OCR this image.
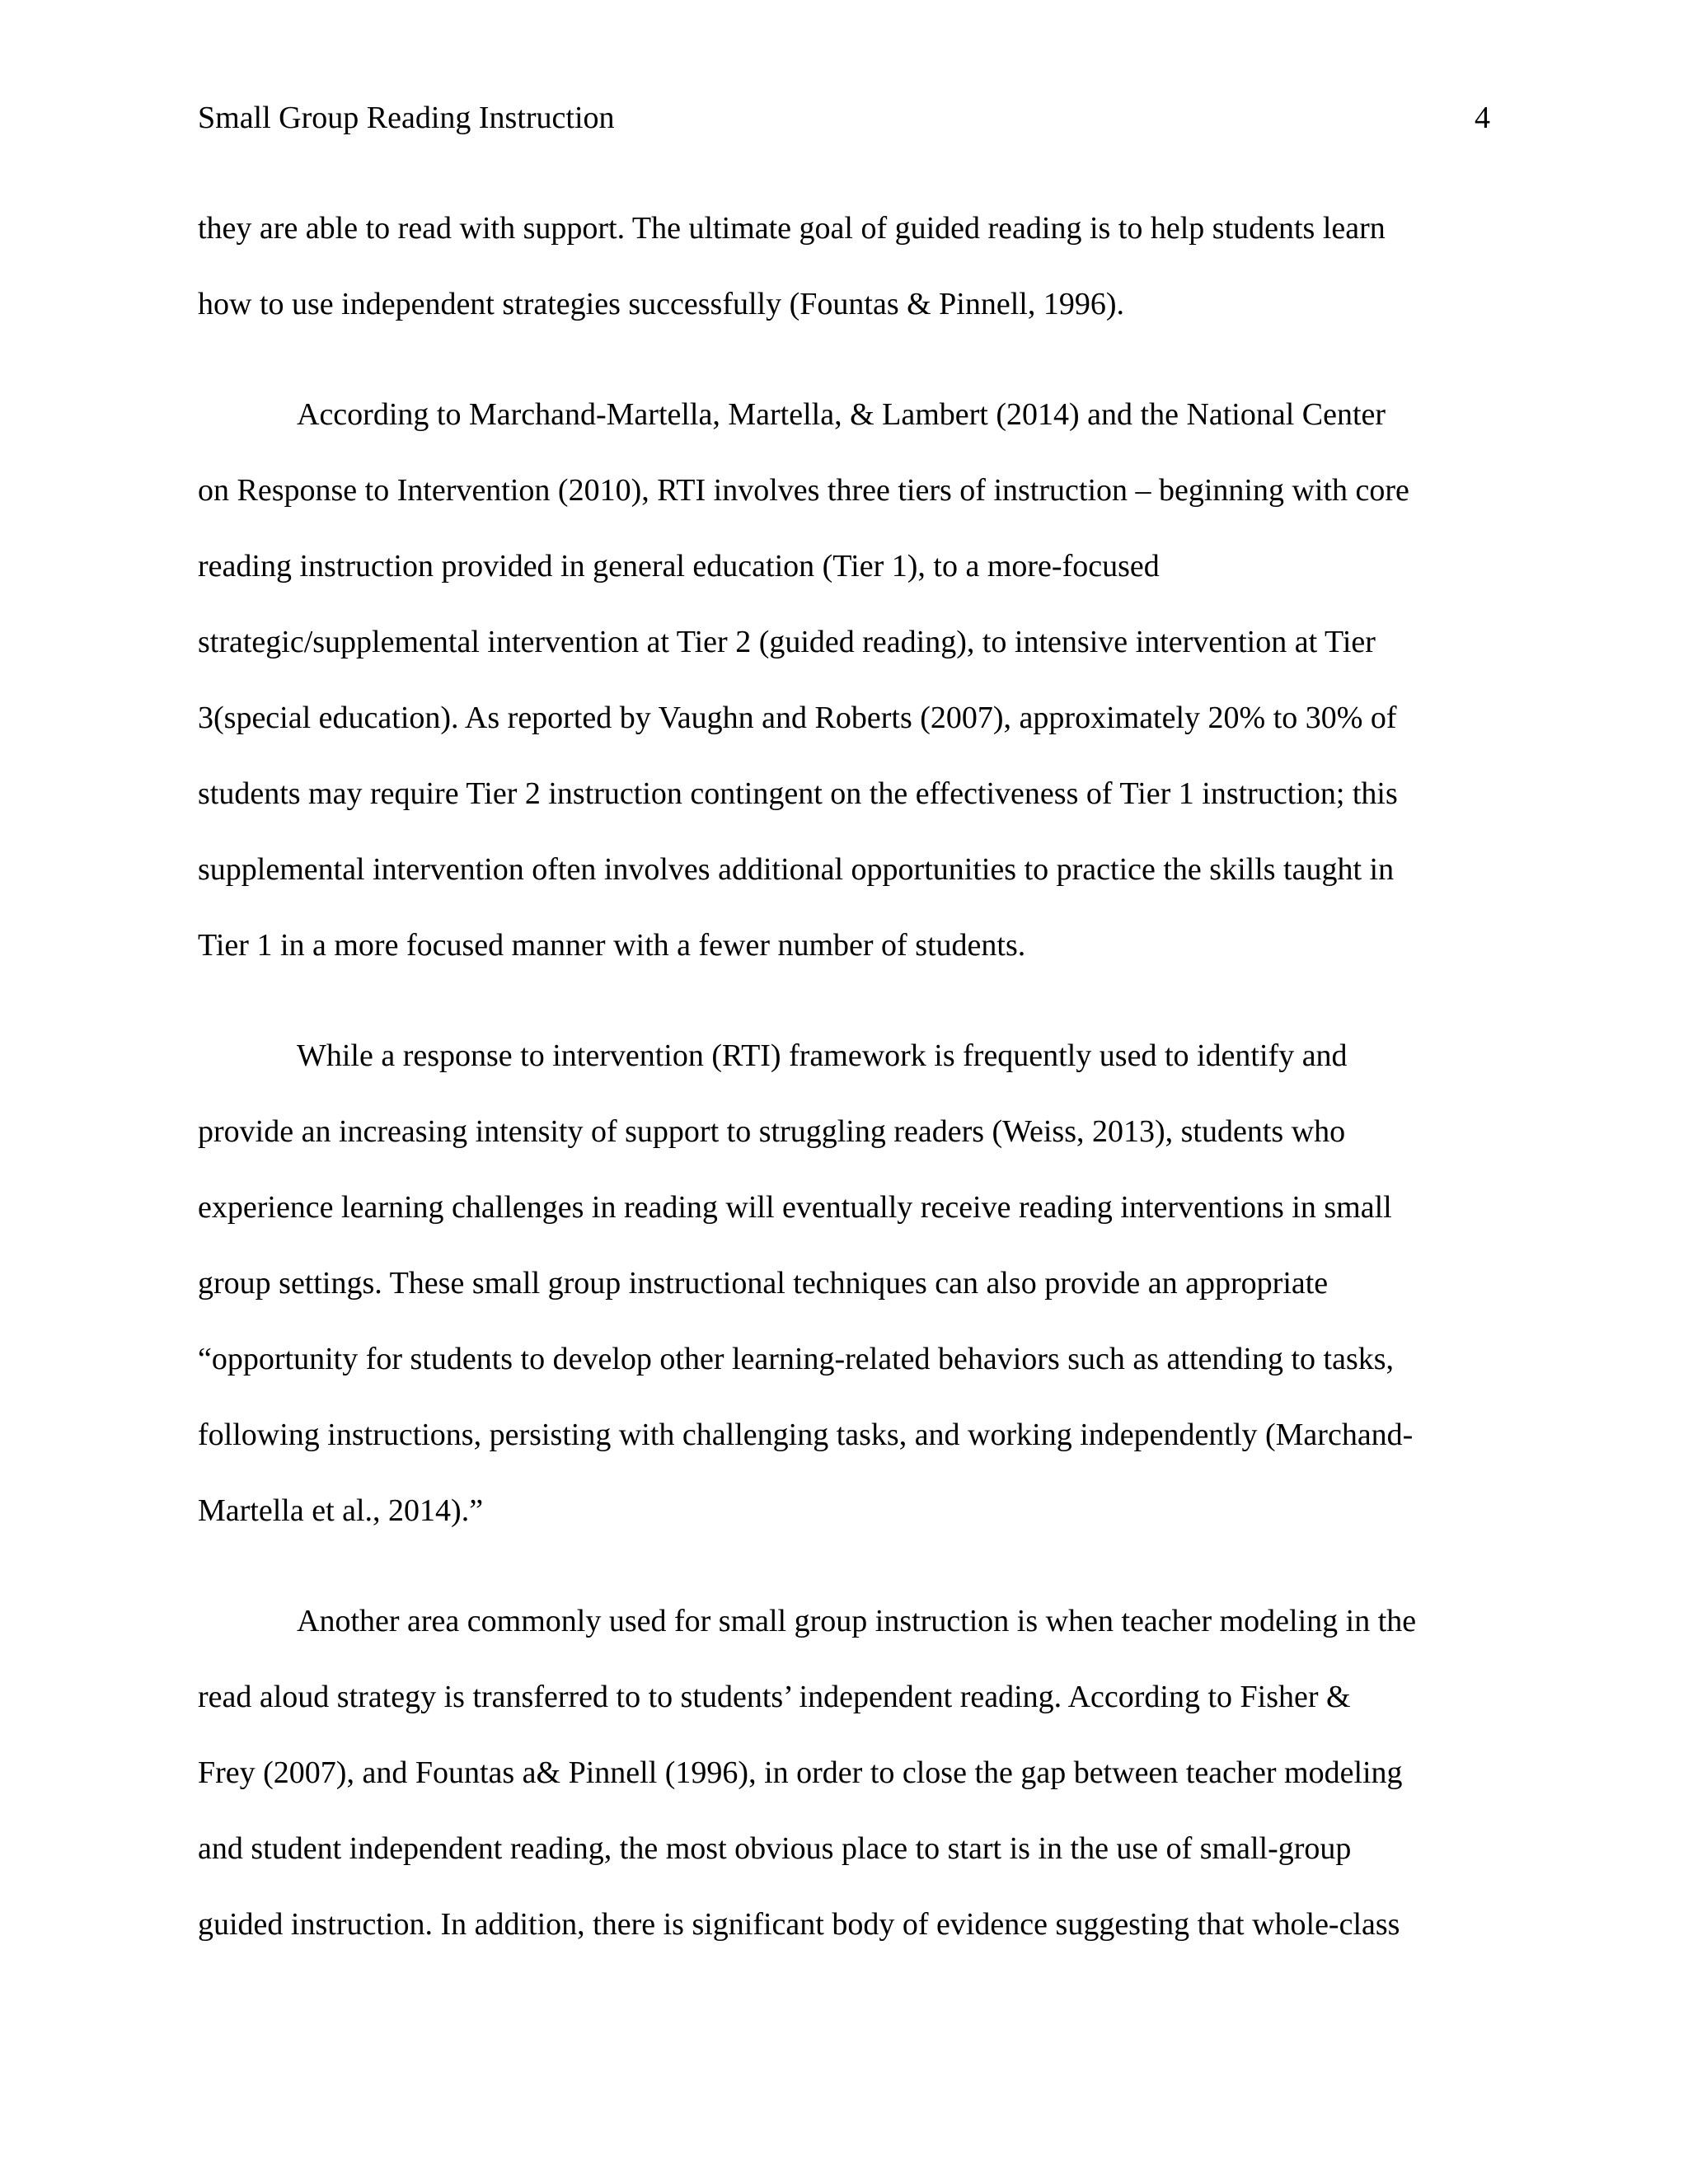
Small Group Reading Instruction	4
they are able to read with support. The ultimate goal of guided reading is to help students learn
how to use independent strategies successfully (Fountas & Pinnell, 1996).
According to Marchand-Martella, Martella, & Lambert (2014) and the National Center
on Response to Intervention (2010), RTI involves three tiers of instruction – beginning with core
reading instruction provided in general education (Tier 1), to a more-focused
strategic/supplemental intervention at Tier 2 (guided reading), to intensive intervention at Tier
3(special education). As reported by Vaughn and Roberts (2007), approximately 20% to 30% of
students may require Tier 2 instruction contingent on the effectiveness of Tier 1 instruction; this
supplemental intervention often involves additional opportunities to practice the skills taught in
Tier 1 in a more focused manner with a fewer number of students.
While a response to intervention (RTI) framework is frequently used to identify and
provide an increasing intensity of support to struggling readers (Weiss, 2013), students who
experience learning challenges in reading will eventually receive reading interventions in small
group settings. These small group instructional techniques can also provide an appropriate
“opportunity for students to develop other learning-related behaviors such as attending to tasks,
following instructions, persisting with challenging tasks, and working independently (Marchand-
Martella et al., 2014).”
Another area commonly used for small group instruction is when teacher modeling in the
read aloud strategy is transferred to to students’ independent reading. According to Fisher &
Frey (2007), and Fountas a& Pinnell (1996), in order to close the gap between teacher modeling
and student independent reading, the most obvious place to start is in the use of small-group
guided instruction. In addition, there is significant body of evidence suggesting that whole-class
